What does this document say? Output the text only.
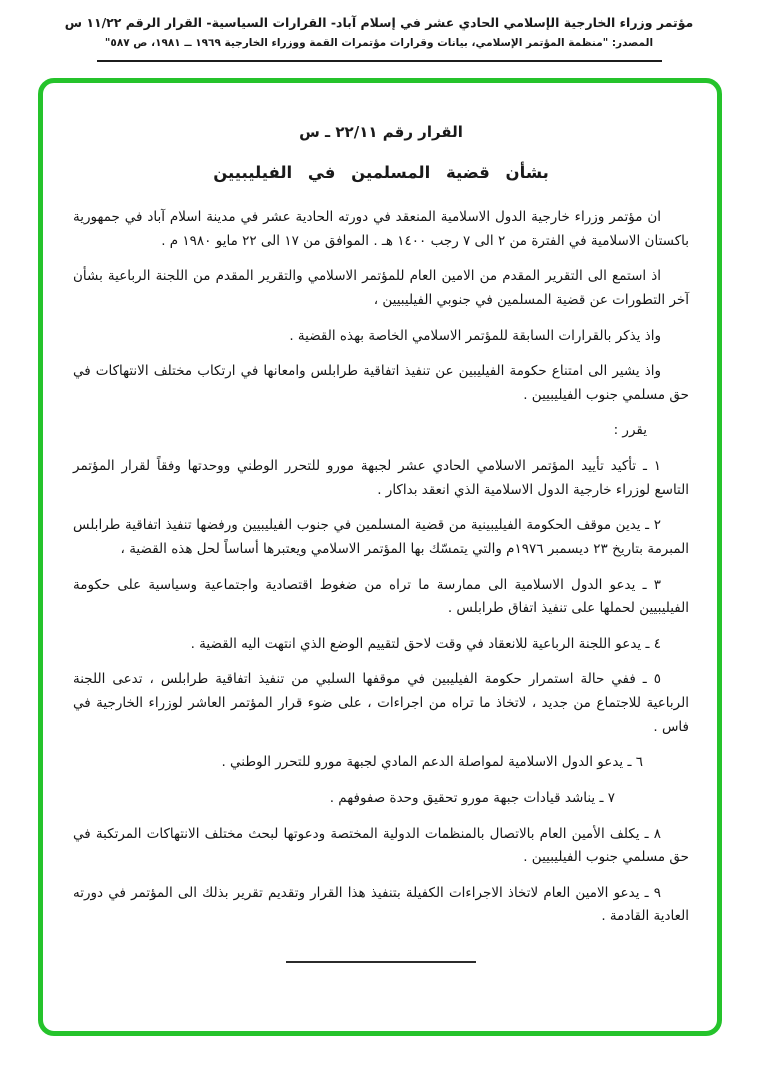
مؤتمر وزراء الخارجية الإسلامي الحادي عشر في إسلام آباد- القرارات السياسية- القرار الرقم ١١/٢٢ س
المصدر: "منظمة المؤتمر الإسلامي، بيانات وقرارات مؤتمرات القمة ووزراء الخارجية ١٩٦٩ ــ ١٩٨١، ص ٥٨٧"
القرار رقم ٢٢/١١ ـ س
بشأن قضية المسلمين في الفيليبيين

ان مؤتمر وزراء خارجية الدول الاسلامية المنعقد في دورته الحادية عشر في مدينة اسلام آباد في جمهورية باكستان الاسلامية في الفترة من ٢ الى ٧ رجب ١٤٠٠ هـ . الموافق من ١٧ الى ٢٢ مايو ١٩٨٠ م .

اذ استمع الى التقرير المقدم من الامين العام للمؤتمر الاسلامي والتقرير المقدم من اللجنة الرباعية بشأن آخر التطورات عن قضية المسلمين في جنوبي الفيليبيين ،

واذ يذكر بالقرارات السابقة للمؤتمر الاسلامي الخاصة بهذه القضية .

واذ يشير الى امتناع حكومة الفيليبين عن تنفيذ اتفاقية طرابلس وامعانها في ارتكاب مختلف الانتهاكات في حق مسلمي جنوب الفيليبيين .

يقرر :

١ ـ تأكيد تأييد المؤتمر الاسلامي الحادي عشر لجبهة مورو للتحرر الوطني ووحدتها وفقاً لقرار المؤتمر التاسع لوزراء خارجية الدول الاسلامية الذي انعقد بداكار .

٢ ـ يدين موقف الحكومة الفيليبينية من قضية المسلمين في جنوب الفيليبيين ورفضها تنفيذ اتفاقية طرابلس المبرمة بتاريخ ٢٣ ديسمبر ١٩٧٦م والتي يتمسّك بها المؤتمر الاسلامي ويعتبرها أساساً لحل هذه القضية ،

٣ ـ يدعو الدول الاسلامية الى ممارسة ما تراه من ضغوط اقتصادية واجتماعية وسياسية على حكومة الفيليبيين لحملها على تنفيذ اتفاق طرابلس .

٤ ـ يدعو اللجنة الرباعية للانعقاد في وقت لاحق لتقييم الوضع الذي انتهت اليه القضية .

٥ ـ ففي حالة استمرار حكومة الفيليبين في موقفها السلبي من تنفيذ اتفاقية طرابلس ، تدعى اللجنة الرباعية للاجتماع من جديد ، لاتخاذ ما تراه من اجراءات ، على ضوء قرار المؤتمر العاشر لوزراء الخارجية في فاس .

٦ ـ يدعو الدول الاسلامية لمواصلة الدعم المادي لجبهة مورو للتحرر الوطني .

٧ ـ يناشد قيادات جبهة مورو تحقيق وحدة صفوفهم .

٨ ـ يكلف الأمين العام بالاتصال بالمنظمات الدولية المختصة ودعوتها لبحث مختلف الانتهاكات المرتكبة في حق مسلمي جنوب الفيليبيين .

٩ ـ يدعو الامين العام لاتخاذ الاجراءات الكفيلة بتنفيذ هذا القرار وتقديم تقرير بذلك الى المؤتمر في دورته العادية القادمة .
